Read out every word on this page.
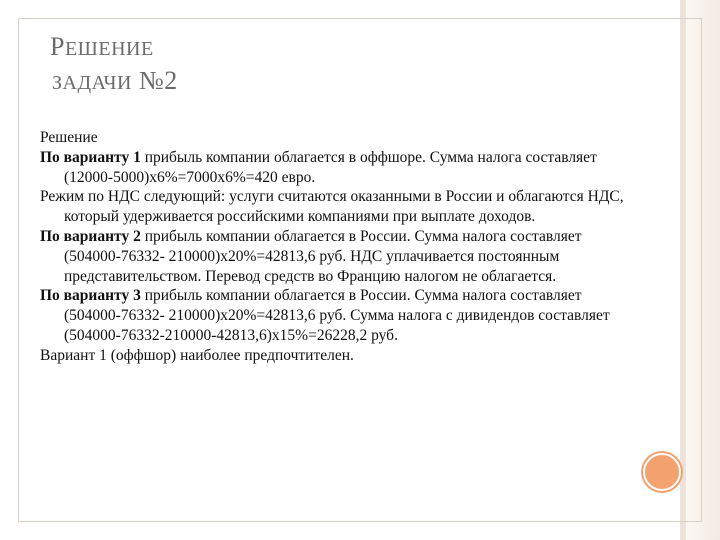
РЕШЕНИЕ
ЗАДАЧИ №2
Решение
По варианту 1 прибыль компании облагается в оффшоре. Сумма налога составляет (12000-5000)х6%=7000х6%=420 евро.
Режим по НДС следующий: услуги считаются оказанными в России и облагаются НДС, который удерживается российскими компаниями при выплате доходов.
По варианту 2 прибыль компании облагается в России. Сумма налога составляет (504000-76332- 210000)х20%=42813,6 руб. НДС уплачивается постоянным представительством. Перевод средств во Францию налогом не облагается.
По варианту 3 прибыль компании облагается в России. Сумма налога составляет (504000-76332- 210000)х20%=42813,6 руб. Сумма налога с дивидендов составляет (504000-76332-210000-42813,6)х15%=26228,2 руб.
Вариант 1 (оффшор) наиболее предпочтителен.
